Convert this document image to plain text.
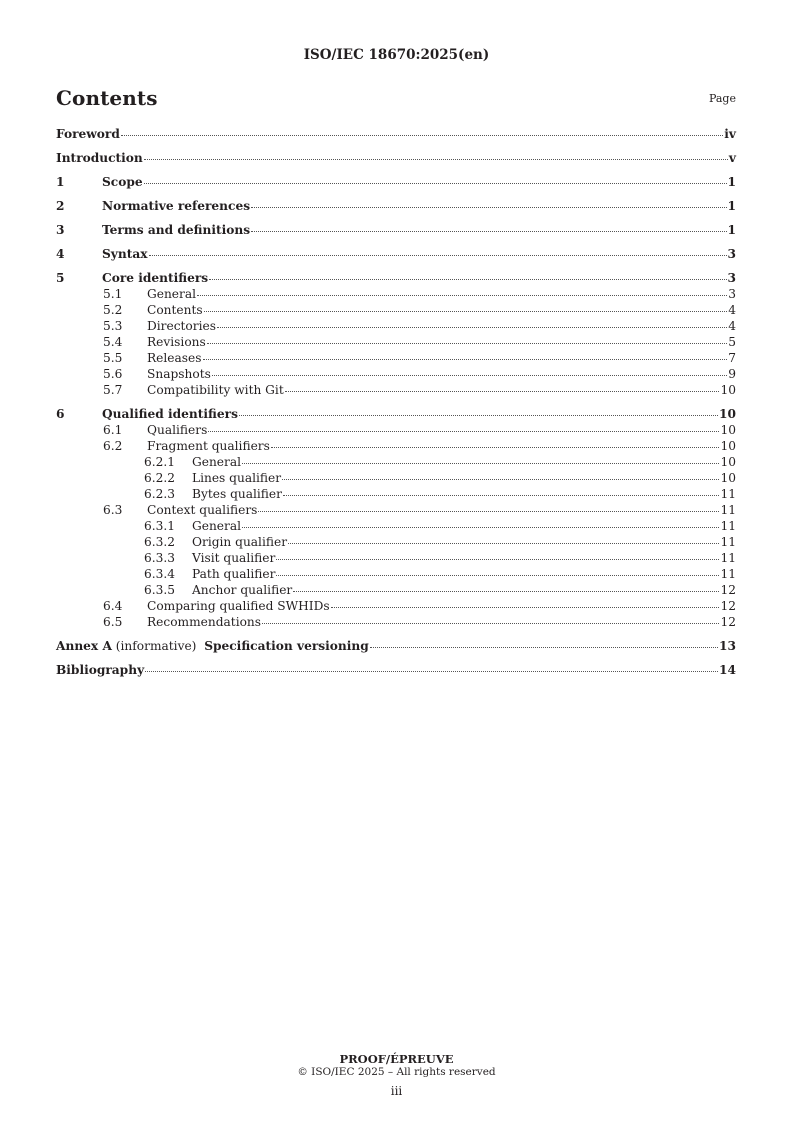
ISO/IEC 18670:2025(en)
Contents	Page
Foreword	iv
Introduction	v
1	Scope	1
2	Normative references	1
3	Terms and definitions	1
4	Syntax	3
5	Core identifiers	3
5.1 General	3
5.2 Contents	4
5.3 Directories	4
5.4 Revisions	5
5.5 Releases	7
5.6 Snapshots	9
5.7 Compatibility with Git	10
6	Qualified identifiers	10
6.1 Qualifiers	10
6.2 Fragment qualifiers	10
6.2.1 General	10
6.2.2 Lines qualifier	10
6.2.3 Bytes qualifier	11
6.3 Context qualifiers	11
6.3.1 General	11
6.3.2 Origin qualifier	11
6.3.3 Visit qualifier	11
6.3.4 Path qualifier	11
6.3.5 Anchor qualifier	12
6.4 Comparing qualified SWHIDs	12
6.5 Recommendations	12
Annex A (informative)  Specification versioning	13
Bibliography	14
PROOF/ÉPREUVE
© ISO/IEC 2025 – All rights reserved
iii
